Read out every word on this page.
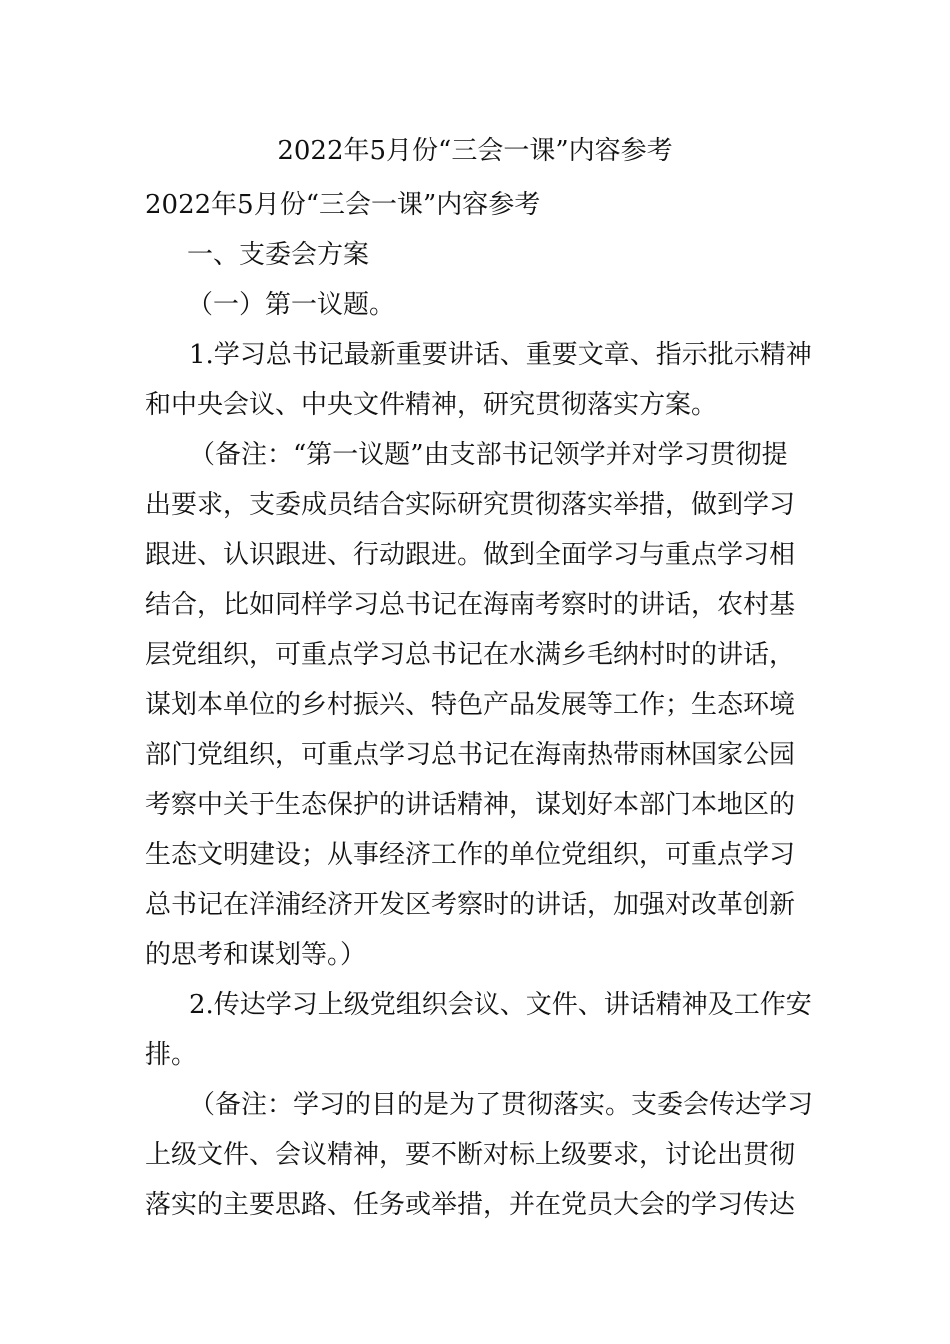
2022年5月份“三会一课”内容参考
2022年5月份“三会一课”内容参考
一、支委会方案
（一）第一议题。
1.学习总书记最新重要讲话、重要文章、指示批示精神
和中央会议、中央文件精神，研究贯彻落实方案。
（备注：“第一议题”由支部书记领学并对学习贯彻提
出要求，支委成员结合实际研究贯彻落实举措，做到学习
跟进、认识跟进、行动跟进。做到全面学习与重点学习相
结合，比如同样学习总书记在海南考察时的讲话，农村基
层党组织，可重点学习总书记在水满乡毛纳村时的讲话，
谋划本单位的乡村振兴、特色产品发展等工作；生态环境
部门党组织，可重点学习总书记在海南热带雨林国家公园
考察中关于生态保护的讲话精神，谋划好本部门本地区的
生态文明建设；从事经济工作的单位党组织，可重点学习
总书记在洋浦经济开发区考察时的讲话，加强对改革创新
的思考和谋划等。）
2.传达学习上级党组织会议、文件、讲话精神及工作安
排。
（备注：学习的目的是为了贯彻落实。支委会传达学习
上级文件、会议精神，要不断对标上级要求，讨论出贯彻
落实的主要思路、任务或举措，并在党员大会的学习传达
